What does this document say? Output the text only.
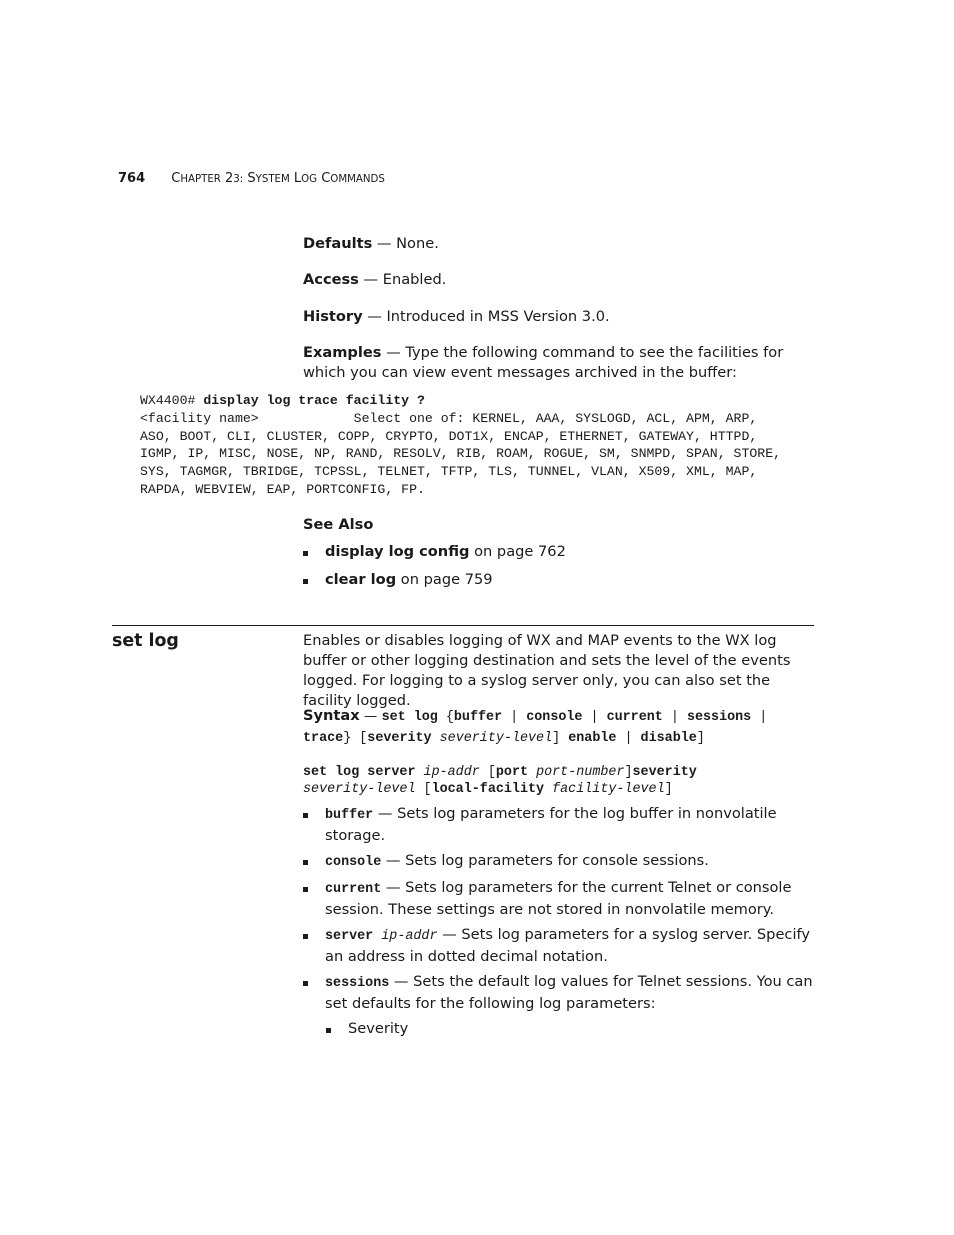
764 CHAPTER 23: SYSTEM LOG COMMANDS
Defaults — None.
Access — Enabled.
History — Introduced in MSS Version 3.0.
Examples — Type the following command to see the facilities for which you can view event messages archived in the buffer:
WX4400# display log trace facility ?
<facility name>            Select one of: KERNEL, AAA, SYSLOGD, ACL, APM, ARP,
ASO, BOOT, CLI, CLUSTER, COPP, CRYPTO, DOT1X, ENCAP, ETHERNET, GATEWAY, HTTPD,
IGMP, IP, MISC, NOSE, NP, RAND, RESOLV, RIB, ROAM, ROGUE, SM, SNMPD, SPAN, STORE,
SYS, TAGMGR, TBRIDGE, TCPSSL, TELNET, TFTP, TLS, TUNNEL, VLAN, X509, XML, MAP,
RAPDA, WEBVIEW, EAP, PORTCONFIG, FP.
See Also
display log config on page 762
clear log on page 759
set log	Enables or disables logging of WX and MAP events to the WX log buffer or other logging destination and sets the level of the events logged. For logging to a syslog server only, you can also set the facility logged.
Syntax — set log {buffer | console | current | sessions |
trace} [severity severity-level] enable | disable]
set log server ip-addr [port port-number]severity
severity-level [local-facility facility-level]
buffer — Sets log parameters for the log buffer in nonvolatile storage.
console — Sets log parameters for console sessions.
current — Sets log parameters for the current Telnet or console session. These settings are not stored in nonvolatile memory.
server ip-addr — Sets log parameters for a syslog server. Specify an address in dotted decimal notation.
sessions — Sets the default log values for Telnet sessions. You can set defaults for the following log parameters:
Severity
